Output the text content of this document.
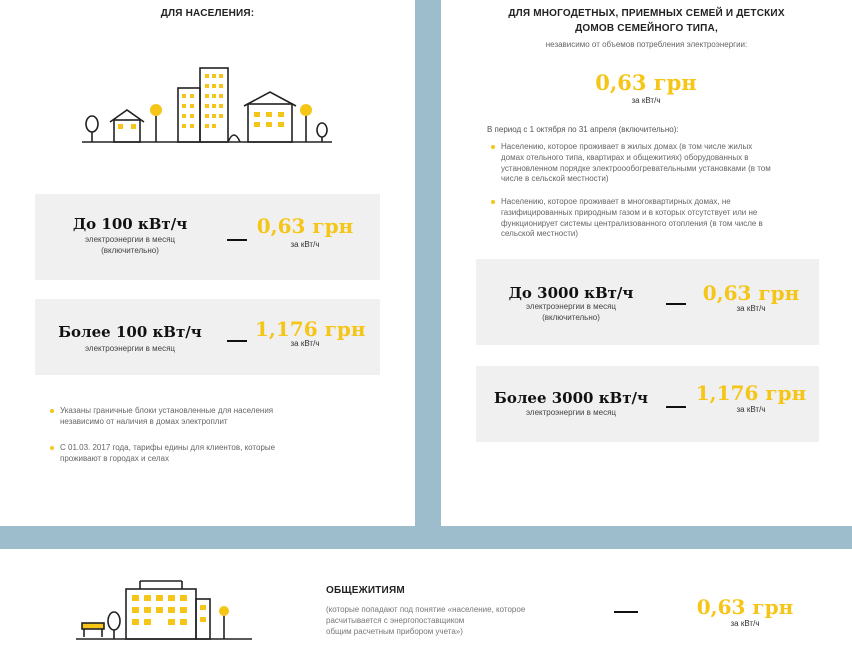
ДЛЯ НАСЕЛЕНИЯ:
До 100 кВт/ч
электроэнергии в месяц
(включительно)
0,63 грн
за кВт/ч
Более 100 кВт/ч
электроэнергии в месяц
1,176 грн
за кВт/ч
Указаны граничные блоки установленные для населения
независимо от наличия в домах электроплит
С 01.03. 2017 года, тарифы едины для клиентов, которые
проживают в городах и селах
ДЛЯ МНОГОДЕТНЫХ, ПРИЕМНЫХ СЕМЕЙ И ДЕТСКИХ
ДОМОВ СЕМЕЙНОГО ТИПА,
независимо от объемов потребления электроэнергии:
0,63 грн
за кВт/ч
В период с 1 октября по 31 апреля (включительно):
Населению, которое проживает в жилых домах (в том числе жилых
домах отельного типа, квартирах и общежитиях) оборудованных в
установленном порядке электроообогревательными установками (в том
числе в сельской местности)
Населению, которое проживает в многоквартирных домах, не
газифицированных природным газом и в которых отсутствует или не
функционирует системы централизованного отопления (в том числе в
сельской местности)
До 3000 кВт/ч
электроэнергии в месяц
(включительно)
0,63 грн
за кВт/ч
Более 3000 кВт/ч
электроэнергии в месяц
1,176 грн
за кВт/ч
ОБЩЕЖИТИЯМ
(которые попадают под понятие «население, которое
расчитывается с энергопоставщиком
общим расчетным прибором учета»)
0,63 грн
за кВт/ч
